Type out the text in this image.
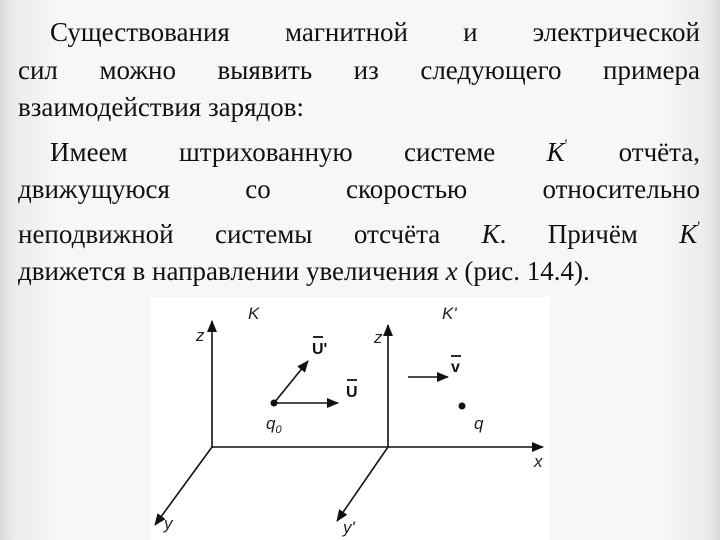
Существования магнитной и электрической

сил можно выявить из следующего примера

взаимодействия зарядов:

Имеем штрихованную системе K' отчёта,

движущуюся со скоростью относительно

неподвижной системы отсчёта K. Причём K'

движется в направлении увеличения x (рис. 14.4).

K	K'
z	z'
x
y	y'
U'
U
v
$q_0$	q
